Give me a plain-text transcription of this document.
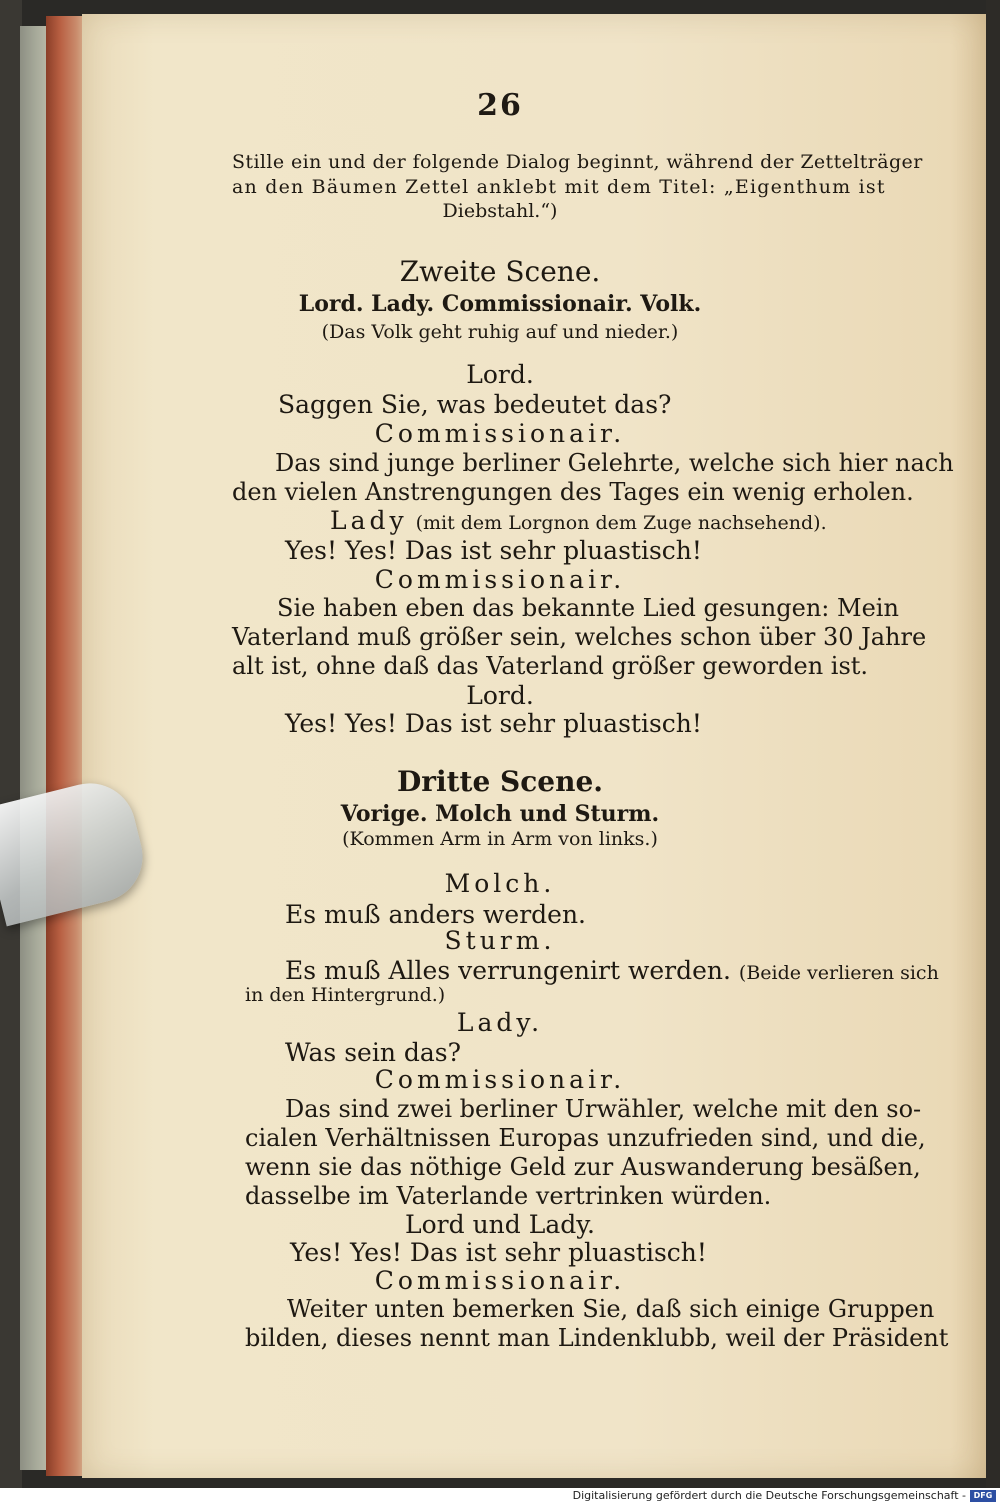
26
Stille ein und der folgende Dialog beginnt, während der Zettelträger
an den Bäumen Zettel anklebt mit dem Titel: „Eigenthum ist
Diebstahl.“)
Zweite Scene.
Lord. Lady. Commissionair. Volk.
(Das Volk geht ruhig auf und nieder.)
Lord.
Saggen Sie, was bedeutet das?
Commissionair.
Das sind junge berliner Gelehrte, welche sich hier nach
den vielen Anstrengungen des Tages ein wenig erholen.
Lady (mit dem Lorgnon dem Zuge nachsehend).
Yes! Yes! Das ist sehr pluastisch!
Commissionair.
Sie haben eben das bekannte Lied gesungen: Mein
Vaterland muß größer sein, welches schon über 30 Jahre
alt ist, ohne daß das Vaterland größer geworden ist.
Lord.
Yes! Yes! Das ist sehr pluastisch!
Dritte Scene.
Vorige. Molch und Sturm.
(Kommen Arm in Arm von links.)
Molch.
Es muß anders werden.
Sturm.
Es muß Alles verrungenirt werden. (Beide verlieren sich
in den Hintergrund.)
Lady.
Was sein das?
Commissionair.
Das sind zwei berliner Urwähler, welche mit den so-
cialen Verhältnissen Europas unzufrieden sind, und die,
wenn sie das nöthige Geld zur Auswanderung besäßen,
dasselbe im Vaterlande vertrinken würden.
Lord und Lady.
Yes! Yes! Das ist sehr pluastisch!
Commissionair.
Weiter unten bemerken Sie, daß sich einige Gruppen
bilden, dieses nennt man Lindenklubb, weil der Präsident
Digitalisierung gefördert durch die Deutsche Forschungsgemeinschaft - DFG
